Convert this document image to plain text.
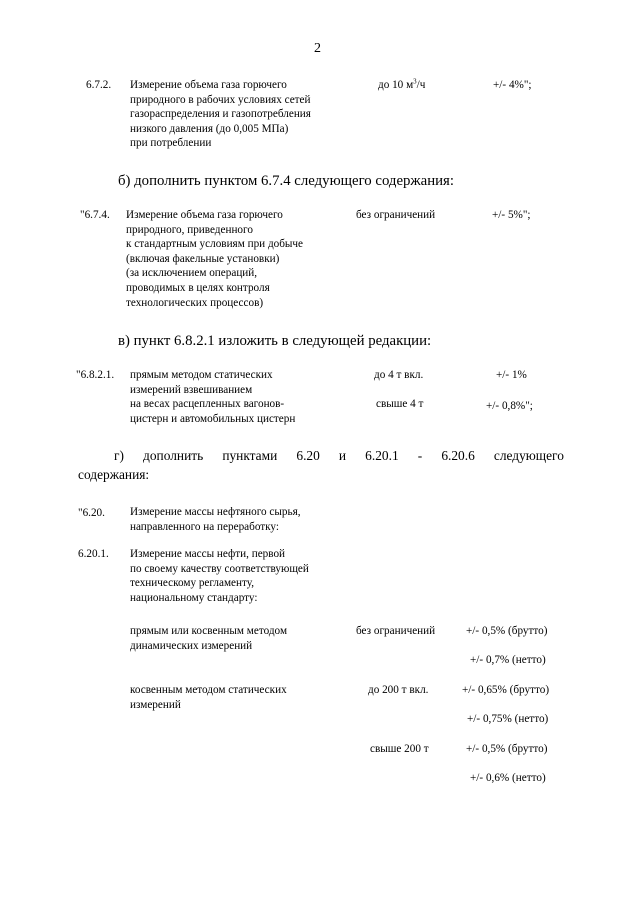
2
6.7.2. Измерение объема газа горючего
природного в рабочих условиях сетей
газораспределения и газопотребления
низкого давления (до 0,005 МПа)
при потреблении
до 10 $м^3/ч$	+/- 4%";
б) дополнить пунктом 6.7.4 следующего содержания:
"6.7.4. Измерение объема газа горючего
природного, приведенного
к стандартным условиям при добыче
(включая факельные установки)
(за исключением операций,
проводимых в целях контроля
технологических процессов)
без ограничений	+/- 5%";
в) пункт 6.8.2.1 изложить в следующей редакции:
"6.8.2.1. прямым методом статических
измерений взвешиванием
на весах расцепленных вагонов-
цистерн и автомобильных цистерн
до 4 т вкл.	+/- 1%
свыше 4 т	+/- 0,8%";
г) дополнить пунктами 6.20 и 6.20.1 - 6.20.6 следующего
содержания:
"6.20. Измерение массы нефтяного сырья,
направленного на переработку:
6.20.1. Измерение массы нефти, первой
по своему качеству соответствующей
техническому регламенту,
национальному стандарту:
прямым или косвенным методом
динамических измерений
без ограничений	+/- 0,5% (брутто)
+/- 0,7% (нетто)
косвенным методом статических
измерений
до 200 т вкл.	+/- 0,65% (брутто)
+/- 0,75% (нетто)
свыше 200 т	+/- 0,5% (брутто)
+/- 0,6% (нетто)
